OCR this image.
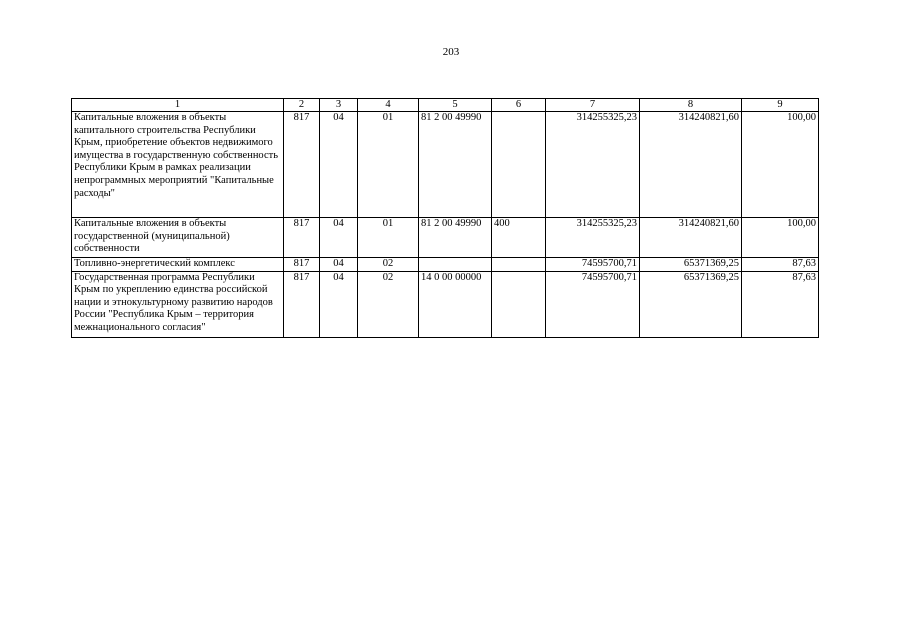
203
1	2	3	4	5	6	7	8	9
Капитальные вложения в объекты капитального строительства Республики Крым, приобретение объектов недвижимого имущества в государственную собственность Республики Крым в рамках реализации непрограммных мероприятий "Капитальные расходы"	817	04	01	81 2 00 49990		314255325,23	314240821,60	100,00
Капитальные вложения в объекты государственной (муниципальной) собственности	817	04	01	81 2 00 49990	400	314255325,23	314240821,60	100,00
Топливно-энергетический комплекс	817	04	02			74595700,71	65371369,25	87,63
Государственная программа Республики Крым по укреплению единства российской нации и этнокультурному развитию народов России "Республика Крым – территория межнационального согласия"	817	04	02	14 0 00 00000		74595700,71	65371369,25	87,63
